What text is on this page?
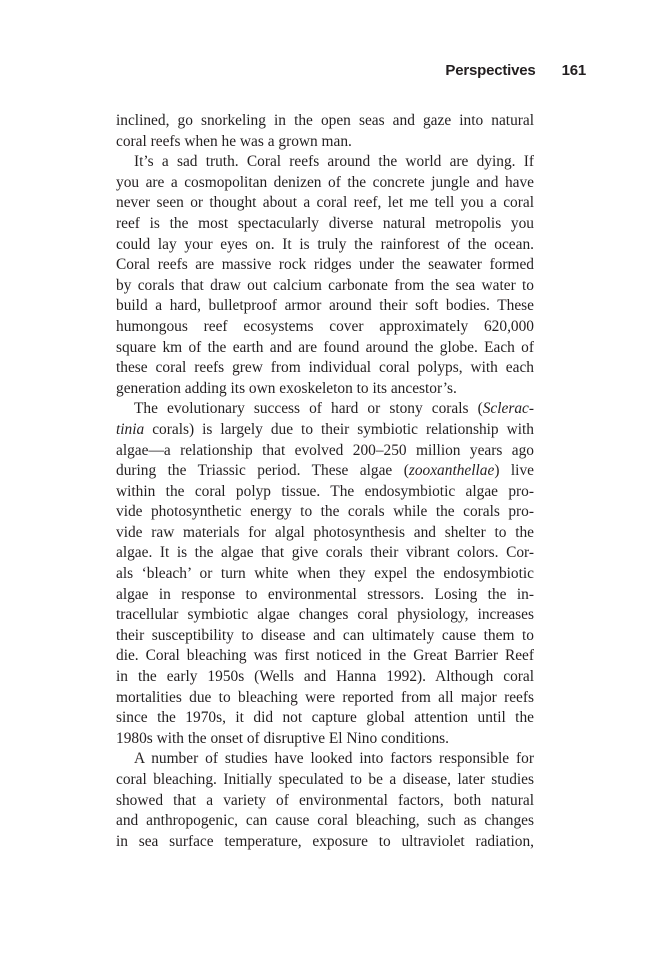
Perspectives 161
inclined, go snorkeling in the open seas and gaze into natural
coral reefs when he was a grown man.
It’s a sad truth. Coral reefs around the world are dying. If
you are a cosmopolitan denizen of the concrete jungle and have
never seen or thought about a coral reef, let me tell you a coral
reef is the most spectacularly diverse natural metropolis you
could lay your eyes on. It is truly the rainforest of the ocean.
Coral reefs are massive rock ridges under the seawater formed
by corals that draw out calcium carbonate from the sea water to
build a hard, bulletproof armor around their soft bodies. These
humongous reef ecosystems cover approximately 620,000
square km of the earth and are found around the globe. Each of
these coral reefs grew from individual coral polyps, with each
generation adding its own exoskeleton to its ancestor’s.
The evolutionary success of hard or stony corals (Sclerac-
tinia corals) is largely due to their symbiotic relationship with
algae—a relationship that evolved 200–250 million years ago
during the Triassic period. These algae (zooxanthellae) live
within the coral polyp tissue. The endosymbiotic algae pro-
vide photosynthetic energy to the corals while the corals pro-
vide raw materials for algal photosynthesis and shelter to the
algae. It is the algae that give corals their vibrant colors. Cor-
als ‘bleach’ or turn white when they expel the endosymbiotic
algae in response to environmental stressors. Losing the in-
tracellular symbiotic algae changes coral physiology, increases
their susceptibility to disease and can ultimately cause them to
die. Coral bleaching was first noticed in the Great Barrier Reef
in the early 1950s (Wells and Hanna 1992). Although coral
mortalities due to bleaching were reported from all major reefs
since the 1970s, it did not capture global attention until the
1980s with the onset of disruptive El Nino conditions.
A number of studies have looked into factors responsible for
coral bleaching. Initially speculated to be a disease, later studies
showed that a variety of environmental factors, both natural
and anthropogenic, can cause coral bleaching, such as changes
in sea surface temperature, exposure to ultraviolet radiation,
